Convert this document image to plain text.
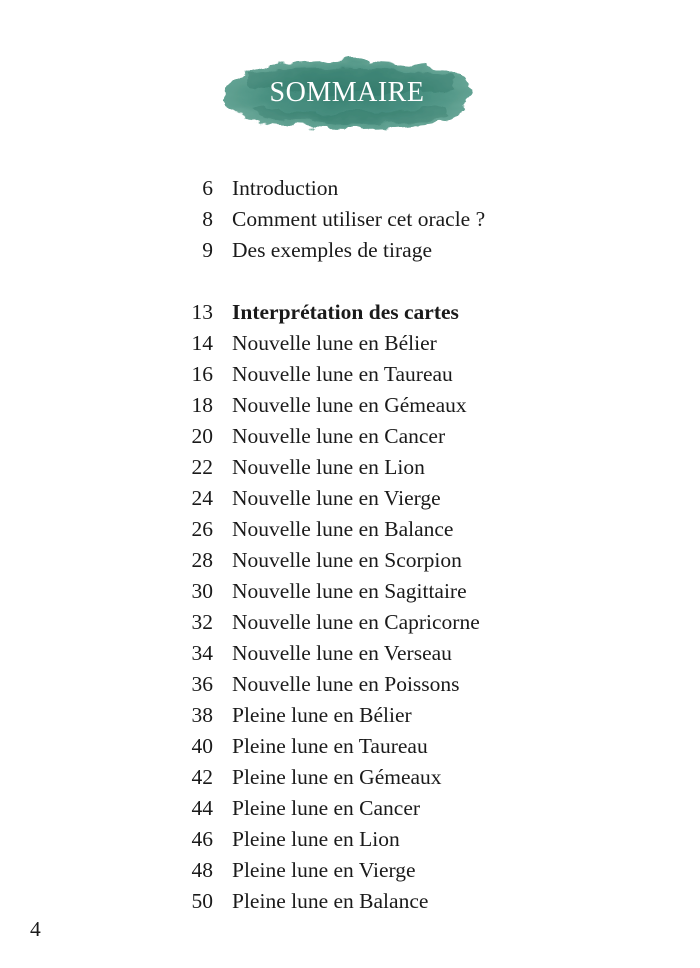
SOMMAIRE
6 Introduction
8 Comment utiliser cet oracle ?
9 Des exemples de tirage
13 Interprétation des cartes
14 Nouvelle lune en Bélier
16 Nouvelle lune en Taureau
18 Nouvelle lune en Gémeaux
20 Nouvelle lune en Cancer
22 Nouvelle lune en Lion
24 Nouvelle lune en Vierge
26 Nouvelle lune en Balance
28 Nouvelle lune en Scorpion
30 Nouvelle lune en Sagittaire
32 Nouvelle lune en Capricorne
34 Nouvelle lune en Verseau
36 Nouvelle lune en Poissons
38 Pleine lune en Bélier
40 Pleine lune en Taureau
42 Pleine lune en Gémeaux
44 Pleine lune en Cancer
46 Pleine lune en Lion
48 Pleine lune en Vierge
50 Pleine lune en Balance
4
